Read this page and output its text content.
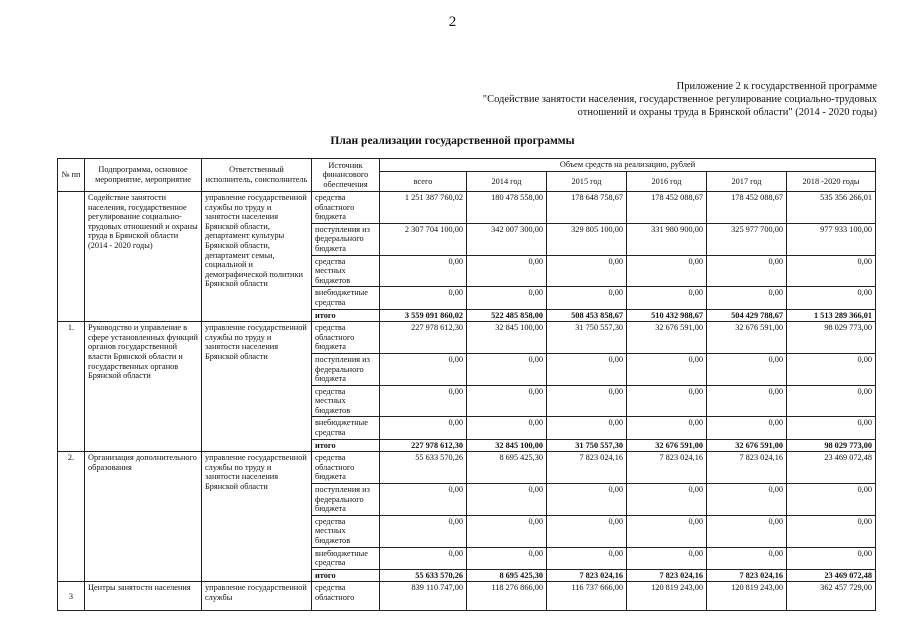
2
Приложение 2 к государственной программе
"Содействие занятости населения, государственное регулирование социально-трудовых
отношений и охраны труда в Брянской области" (2014 - 2020 годы)
План реализации государственной программы
№ пп	Подпрограмма, основное мероприятие, мероприятие	Ответственный исполнитель, соисполнитель	Источник финансового обеспечения	Объем средств на реализацию, рублей					
				всего	2014 год	2015 год	2016 год	2017 год	2018 -2020 годы
	Содействие занятости населения, государственное регулирование социально-трудовых отношений и охраны труда в Брянской области (2014 - 2020 годы)	управление государственной службы по труду и занятости населения Брянской области, департамент культуры Брянской области, департамент семьи, социальной и демографической политики Брянской области	средства областного бюджета	1 251 387 760,02	180 478 558,00	178 648 758,67	178 452 088,67	178 452 088,67	535 356 266,01
			поступления из федерального бюджета	2 307 704 100,00	342 007 300,00	329 805 100,00	331 980 900,00	325 977 700,00	977 933 100,00
			средства местных бюджетов	0,00	0,00	0,00	0,00	0,00	0,00
			внебюджетные средства	0,00	0,00	0,00	0,00	0,00	0,00
			итого	3 559 091 860,02	522 485 858,00	508 453 858,67	510 432 988,67	504 429 788,67	1 513 289 366,01
1.	Руководство и управление в сфере установленных функций органов государственной власти Брянской области и государственных органов Брянской области	управление государственной службы по труду и занятости населения Брянской области	средства областного бюджета	227 978 612,30	32 845 100,00	31 750 557,30	32 676 591,00	32 676 591,00	98 029 773,00
			поступления из федерального бюджета	0,00	0,00	0,00	0,00	0,00	0,00
			средства местных бюджетов	0,00	0,00	0,00	0,00	0,00	0,00
			внебюджетные средства	0,00	0,00	0,00	0,00	0,00	0,00
			итого	227 978 612,30	32 845 100,00	31 750 557,30	32 676 591,00	32 676 591,00	98 029 773,00
2.	Организация дополнительного образования	управление государственной службы по труду и занятости населения Брянской области	средства областного бюджета	55 633 570,26	8 695 425,30	7 823 024,16	7 823 024,16	7 823 024,16	23 469 072,48
			поступления из федерального бюджета	0,00	0,00	0,00	0,00	0,00	0,00
			средства местных бюджетов	0,00	0,00	0,00	0,00	0,00	0,00
			внебюджетные средства	0,00	0,00	0,00	0,00	0,00	0,00
			итого	55 633 570,26	8 695 425,30	7 823 024,16	7 823 024,16	7 823 024,16	23 469 072,48
3	Центры занятости населения	управление государственной службы	средства областного	839 110 747,00	118 276 866,00	116 737 666,00	120 819 243,00	120 819 243,00	362 457 729,00
